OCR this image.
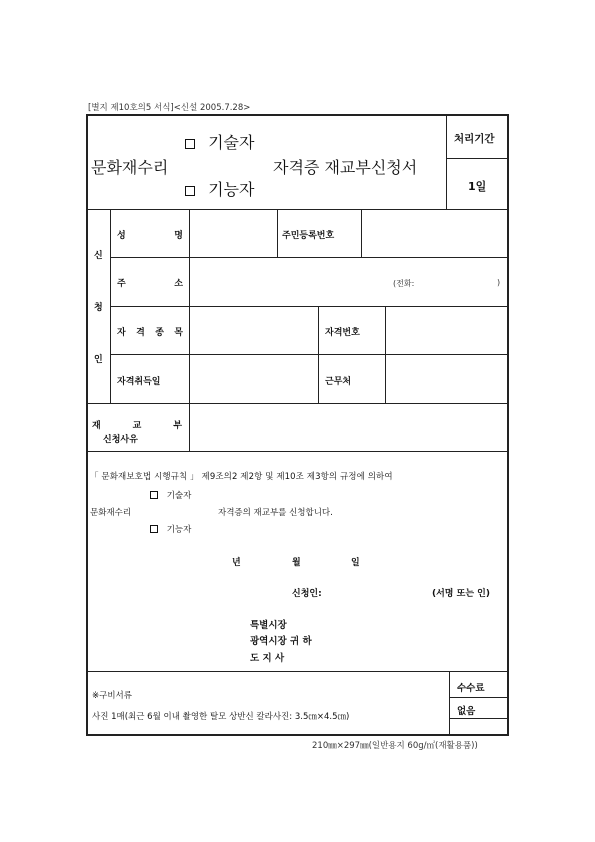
[별지 제10호의5 서식]<신설 2005.7.28>
기술자
문화재수리	자격증 재교부신청서
기능자
처리기간
1일
신
청
인
성	명	주민등록번호
주	소	(전화:	)
자 격 종 목	자격번호
자격취득일	근무처
재	교	부
신청사유
「 문화재보호법 시행규칙 」 제9조의2 제2항 및 제10조 제3항의 규정에 의하여
기술자
문화재수리	자격증의 재교부를 신청합니다.
기능자
년	월	일
신청인:	(서명 또는 인)
특별시장
광역시장 귀 하
도 지 사
※구비서류
사진 1매(최근 6월 이내 촬영한 탈모 상반신 칼라사진: 3.5㎝×4.5㎝)
수수료
없음
210㎜×297㎜(일반용지 60g/㎡(재활용품))
